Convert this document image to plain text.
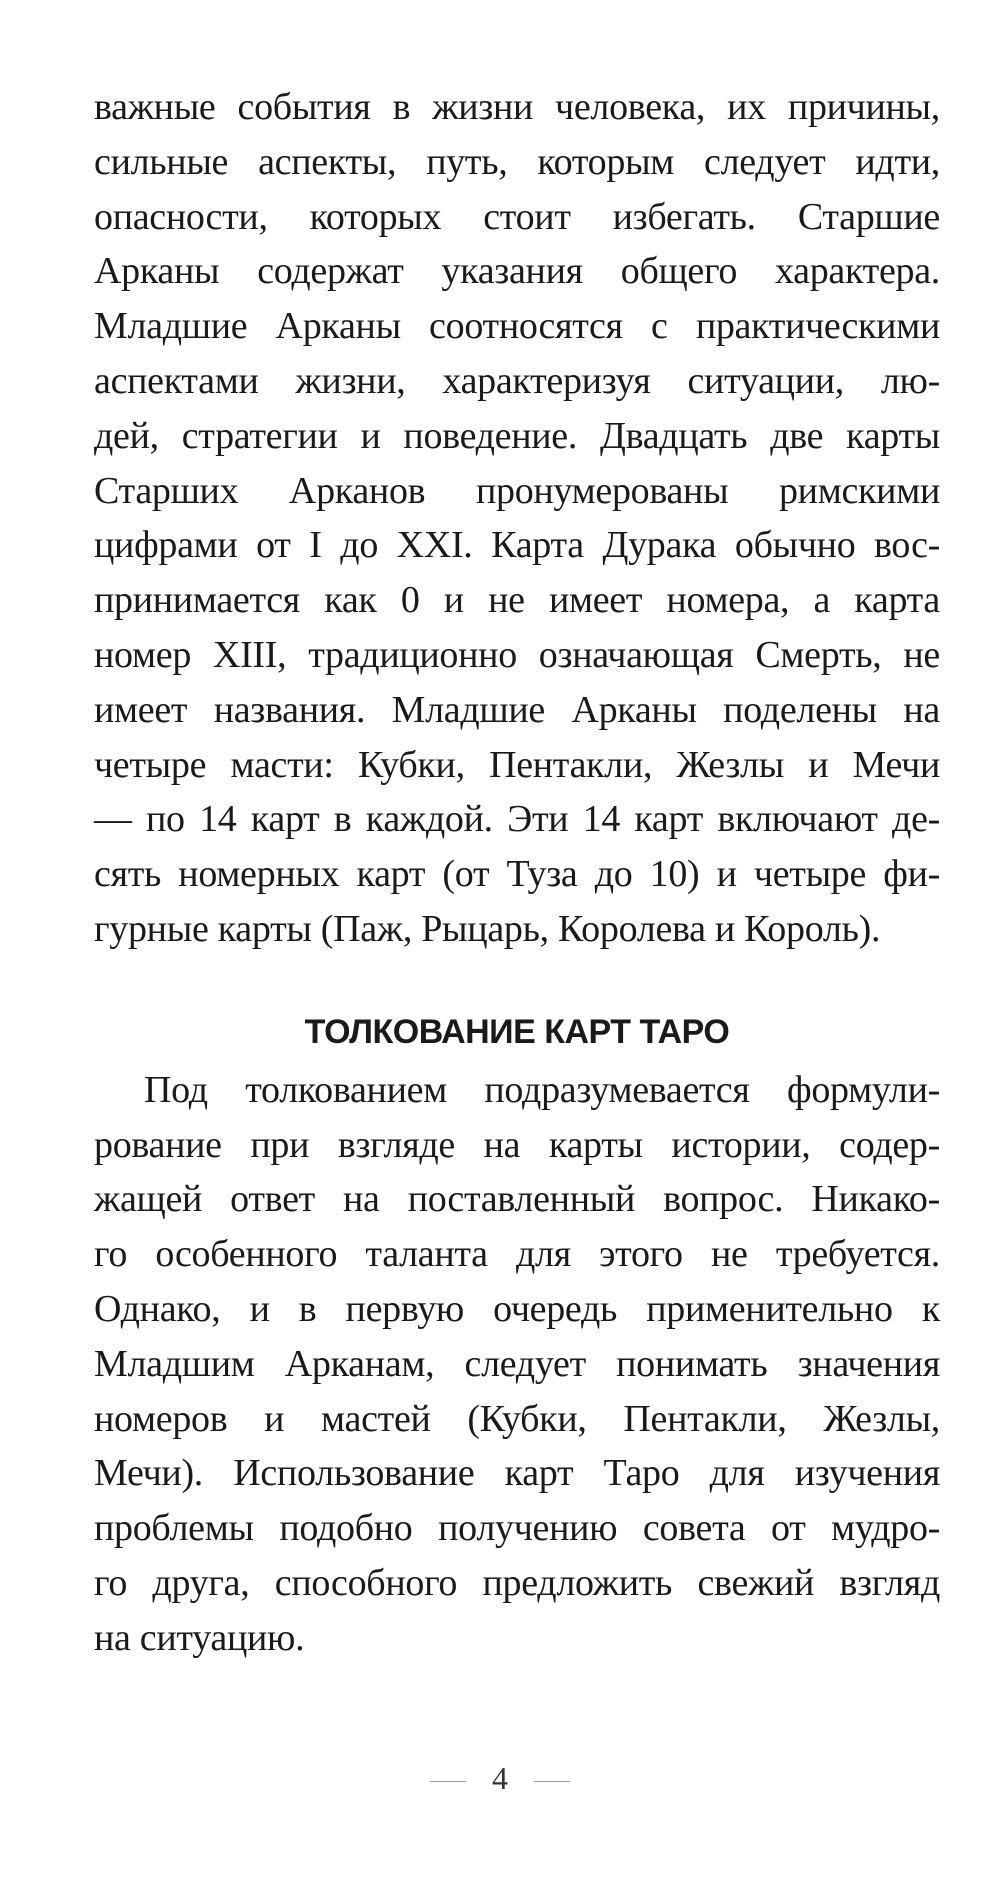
важные события в жизни человека, их причины,
сильные аспекты, путь, которым следует идти,
опасности, которых стоит избегать. Старшие
Арканы содержат указания общего характера.
Младшие Арканы соотносятся с практическими
аспектами жизни, характеризуя ситуации, лю-
дей, стратегии и поведение. Двадцать две карты
Старших Арканов пронумерованы римскими
цифрами от I до XXI. Карта Дурака обычно вос-
принимается как 0 и не имеет номера, а карта
номер XIII, традиционно означающая Смерть, не
имеет названия. Младшие Арканы поделены на
четыре масти: Кубки, Пентакли, Жезлы и Мечи
— по 14 карт в каждой. Эти 14 карт включают де-
сять номерных карт (от Туза до 10) и четыре фи-
гурные карты (Паж, Рыцарь, Королева и Король).
ТОЛКОВАНИЕ КАРТ ТАРО
Под толкованием подразумевается формули-
рование при взгляде на карты истории, содер-
жащей ответ на поставленный вопрос. Никако-
го особенного таланта для этого не требуется.
Однако, и в первую очередь применительно к
Младшим Арканам, следует понимать значения
номеров и мастей (Кубки, Пентакли, Жезлы,
Мечи). Использование карт Таро для изучения
проблемы подобно получению совета от мудро-
го друга, способного предложить свежий взгляд
на ситуацию.
4
